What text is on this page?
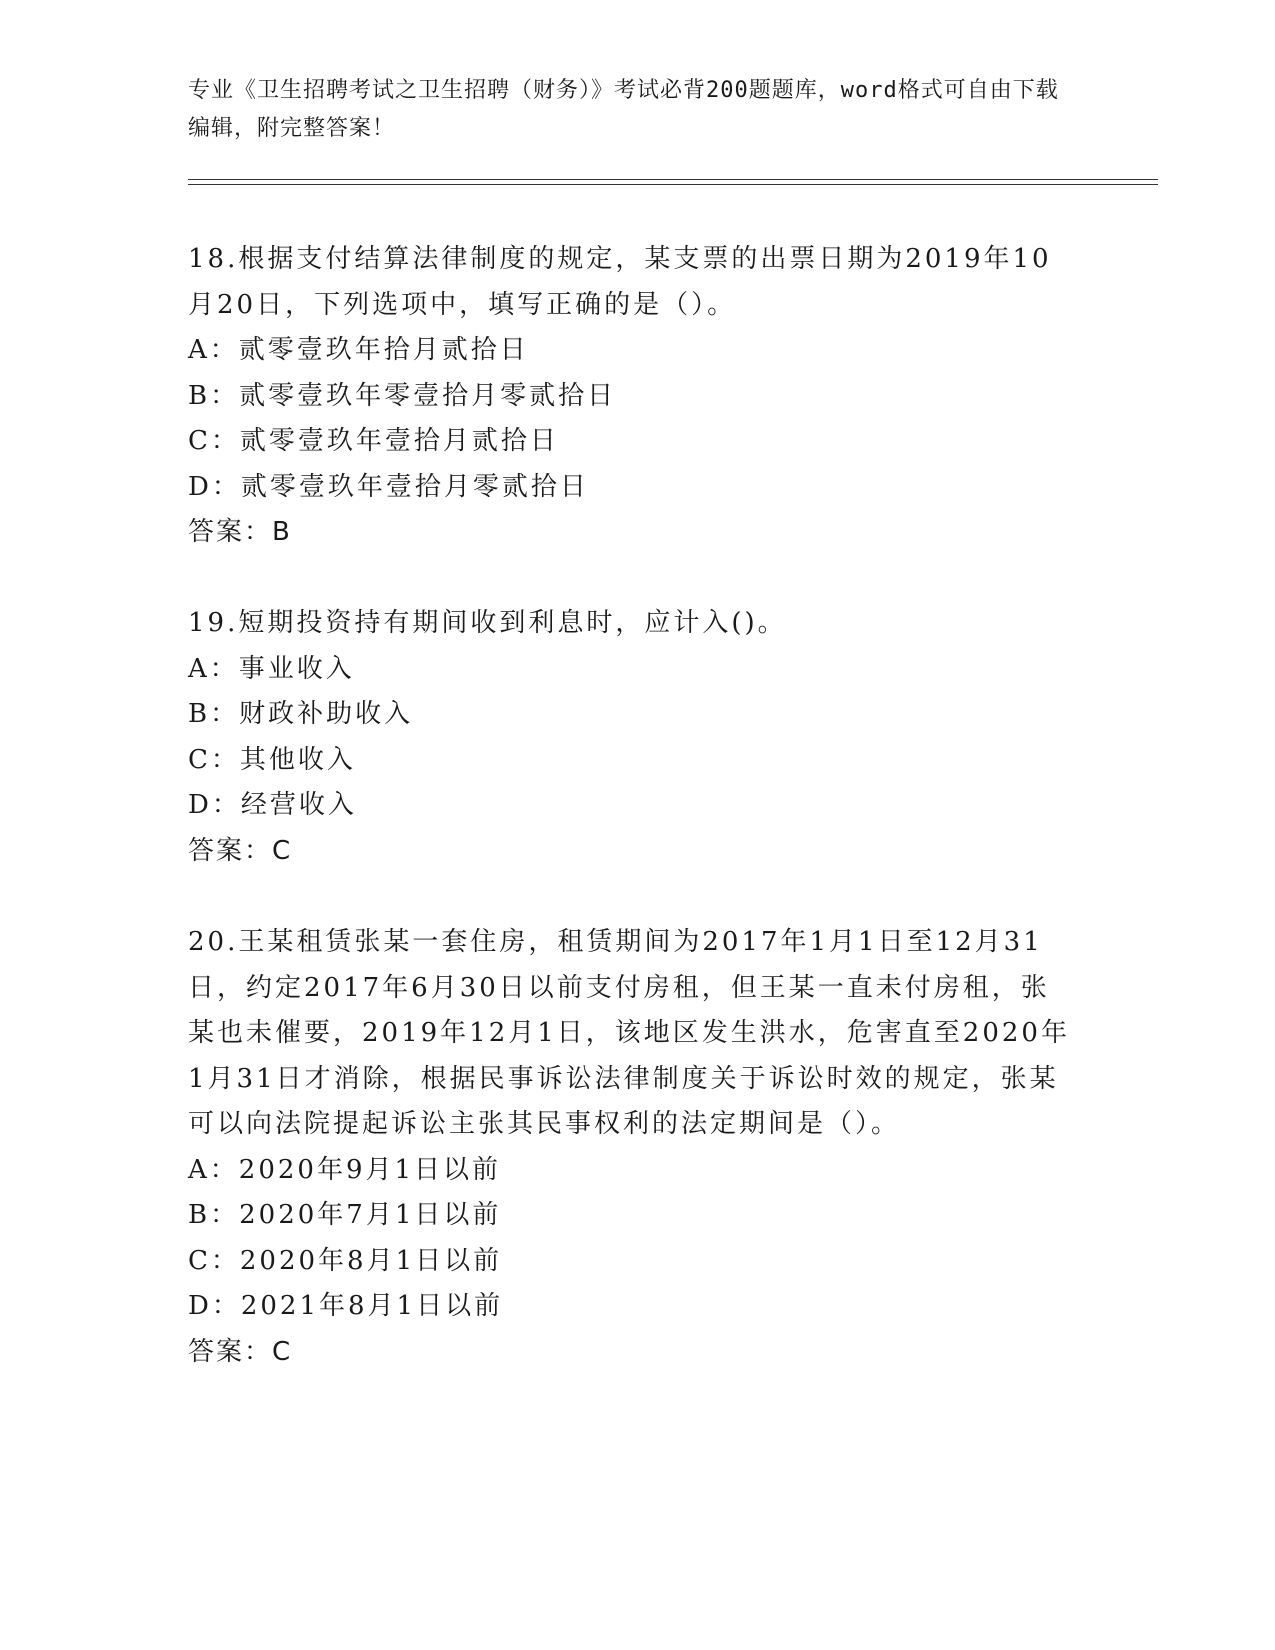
专业《卫生招聘考试之卫生招聘（财务）》考试必背200题题库，word格式可自由下载编辑，附完整答案！

18.根据支付结算法律制度的规定，某支票的出票日期为2019年10月20日，下列选项中，填写正确的是（）。

A：贰零壹玖年拾月贰拾日

B：贰零壹玖年零壹拾月零贰拾日

C：贰零壹玖年壹拾月贰拾日

D：贰零壹玖年壹拾月零贰拾日

答案：B

19.短期投资持有期间收到利息时，应计入()。

A：事业收入

B：财政补助收入

C：其他收入

D：经营收入

答案：C

20.王某租赁张某一套住房，租赁期间为2017年1月1日至12月31日，约定2017年6月30日以前支付房租，但王某一直未付房租，张某也未催要，2019年12月1日，该地区发生洪水，危害直至2020年1月31日才消除，根据民事诉讼法律制度关于诉讼时效的规定，张某可以向法院提起诉讼主张其民事权利的法定期间是（）。

A：2020年9月1日以前

B：2020年7月1日以前

C：2020年8月1日以前

D：2021年8月1日以前

答案：C
